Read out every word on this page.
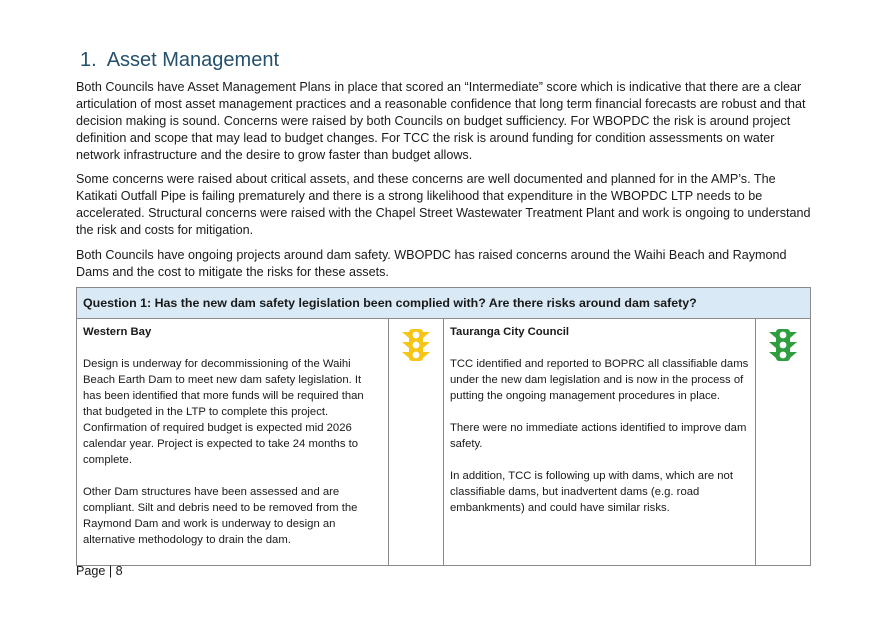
1. Asset Management

Both Councils have Asset Management Plans in place that scored an “Intermediate” score which is indicative that there are a clear articulation of most asset management practices and a reasonable confidence that long term financial forecasts are robust and that decision making is sound. Concerns were raised by both Councils on budget sufficiency. For WBOPDC the risk is around project definition and scope that may lead to budget changes. For TCC the risk is around funding for condition assessments on water network infrastructure and the desire to grow faster than budget allows.

Some concerns were raised about critical assets, and these concerns are well documented and planned for in the AMP’s. The Katikati Outfall Pipe is failing prematurely and there is a strong likelihood that expenditure in the WBOPDC LTP needs to be accelerated. Structural concerns were raised with the Chapel Street Wastewater Treatment Plant and work is ongoing to understand the risk and costs for mitigation.

Both Councils have ongoing projects around dam safety. WBOPDC has raised concerns around the Waihi Beach and Raymond Dams and the cost to mitigate the risks for these assets.

Question 1: Has the new dam safety legislation been complied with? Are there risks around dam safety?

Western Bay

Design is underway for decommissioning of the Waihi Beach Earth Dam to meet new dam safety legislation. It has been identified that more funds will be required than that budgeted in the LTP to complete this project. Confirmation of required budget is expected mid 2026 calendar year. Project is expected to take 24 months to complete.

Other Dam structures have been assessed and are compliant. Silt and debris need to be removed from the Raymond Dam and work is underway to design an alternative methodology to drain the dam.

Tauranga City Council

TCC identified and reported to BOPRC all classifiable dams under the new dam legislation and is now in the process of putting the ongoing management procedures in place.

There were no immediate actions identified to improve dam safety.

In addition, TCC is following up with dams, which are not classifiable dams, but inadvertent dams (e.g. road embankments) and could have similar risks.

Page | 8
